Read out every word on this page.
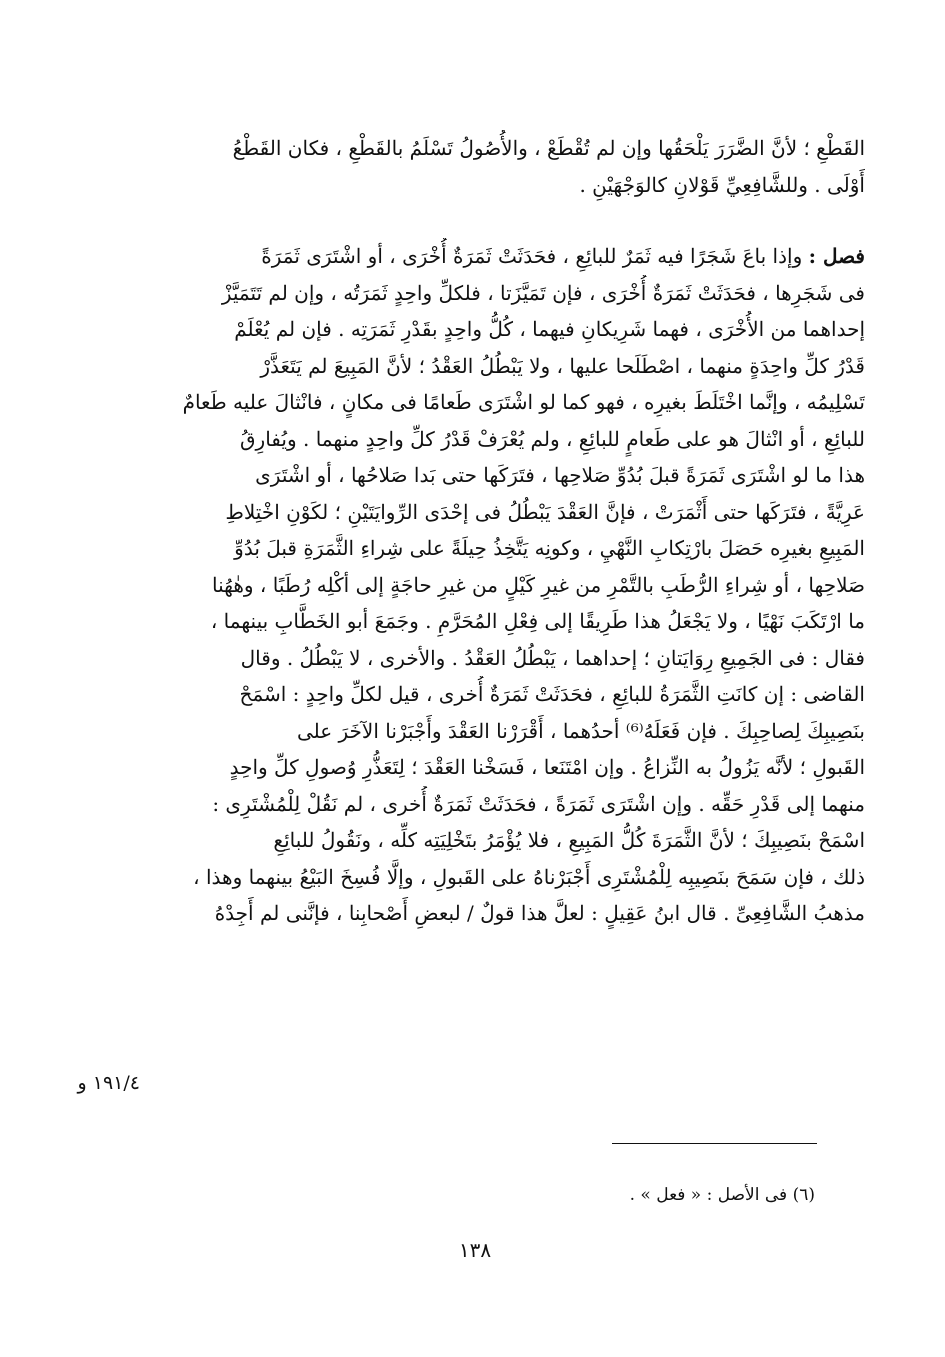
القَطْعِ ؛ لأنَّ الضَّرَرَ يَلْحَقُها وإن لم تُقْطَعْ ، والأُصُولُ تَسْلَمُ بالقَطْعِ ، فكان القَطْعُ
أَوْلَى . وللشَّافِعِيِّ قَوْلانِ كالوَجْهَيْنِ .
فصل : وإذا باعَ شَجَرًا فيه ثَمَرٌ للبائِعِ ، فحَدَثَتْ ثَمَرَةٌ أُخْرَى ، أو اشْتَرَى ثَمَرَةً
فى شَجَرِها ، فحَدَثَتْ ثَمَرَةٌ أُخْرَى ، فإن تَمَيَّزَتا ، فلكلِّ واحِدٍ ثَمَرَتُه ، وإن لم تَتَمَيَّزْ
إحداهما من الأُخْرَى ، فهما شَرِيكانِ فيهما ، كُلُّ واحِدٍ بقَدْرِ ثَمَرَتِه . فإن لم يُعْلَمْ
قَدْرُ كلِّ واحِدَةٍ منهما ، اصْطَلَحا عليها ، ولا يَبْطُلُ العَقْدُ ؛ لأنَّ المَبِيعَ لم يَتَعَذَّرْ
تَسْلِيمُه ، وإنَّما اخْتَلَطَ بغيرِه ، فهو كما لو اشْتَرَى طَعامًا فى مكانٍ ، فانْثالَ عليه طَعامٌ
للبائِعِ ، أو انْثالَ هو على طَعامٍ للبائِعِ ، ولم يُعْرَفْ قَدْرُ كلِّ واحِدٍ منهما . ويُفارِقُ
هذا ما لو اشْتَرَى ثَمَرَةً قبلَ بُدُوِّ صَلاحِها ، فتَرَكَها حتى بَدا صَلاحُها ، أو اشْتَرَى
عَرِيَّةً ، فتَرَكَها حتى أَثْمَرَتْ ، فإنَّ العَقْدَ يَبْطُلُ فى إحْدَى الرِّوايَتَيْنِ ؛ لكَوْنِ اخْتِلاطِ
المَبِيعِ بغيرِه حَصَلَ بارْتِكابِ النَّهْيِ ، وكونِه يَتَّخِذُ حِيلَةً على شِراءِ الثَّمَرَةِ قبلَ بُدُوِّ
صَلاحِها ، أو شِراءِ الرُّطَبِ بالتَّمْرِ من غيرِ كَيْلٍ من غيرِ حاجَةٍ إلى أكْلِه رُطَبًا ، وهٰهُنا
ما ارْتَكَبَ نَهْيًا ، ولا يَجْعَلُ هذا طَرِيقًا إلى فِعْلِ المُحَرَّمِ . وجَمَعَ أبو الخَطَّابِ بينهما ،
فقال : فى الجَمِيعِ رِوَايَتانِ ؛ إحداهما ، يَبْطُلُ العَقْدُ . والأخرى ، لا يَبْطُلُ . وقال
القاضى : إن كانَتِ الثَّمَرَةُ للبائِعِ ، فحَدَثَتْ ثَمَرَةٌ أُخرى ، قيل لكلِّ واحِدٍ : اسْمَحْ
بنَصِيبِكَ لِصاحِبِكَ . فإن فَعَلَهُ⁽⁶⁾ أحدُهما ، أَقْرَرْنا العَقْدَ وأَجْبَرْنا الآخَرَ على
القَبولِ ؛ لأنَّه يَزُولُ به النِّزاعُ . وإن امْتَنَعا ، فَسَخْنا العَقْدَ ؛ لِتَعَذُّرِ وُصولِ كلِّ واحِدٍ
منهما إلى قَدْرِ حَقِّه . وإن اشْتَرَى ثَمَرَةً ، فحَدَثَتْ ثَمَرَةٌ أُخرى ، لم نَقُلْ لِلْمُشْتَرِى :
اسْمَحْ بنَصِيبِكَ ؛ لأنَّ الثَّمَرَةَ كُلُّ المَبِيعِ ، فلا يُؤْمَرُ بتَخْلِيَتِه كلِّه ، ونَقُولُ للبائِعِ
ذلك ، فإن سَمَحَ بنَصِيبِه لِلْمُشْتَرِى أَجْبَرْناهُ على القَبولِ ، وإلَّا فُسِخَ البَيْعُ بينهما وهذا ،
مذهبُ الشَّافِعِىِّ . قال ابنُ عَقِيلٍ : لعلَّ هذا قولٌ / لبعضِ أَصْحابِنا ، فإنَّنى لم أَجِدْهُ
١٩١/٤ و
(٦) فى الأصل : « فعل » .
١٣٨
